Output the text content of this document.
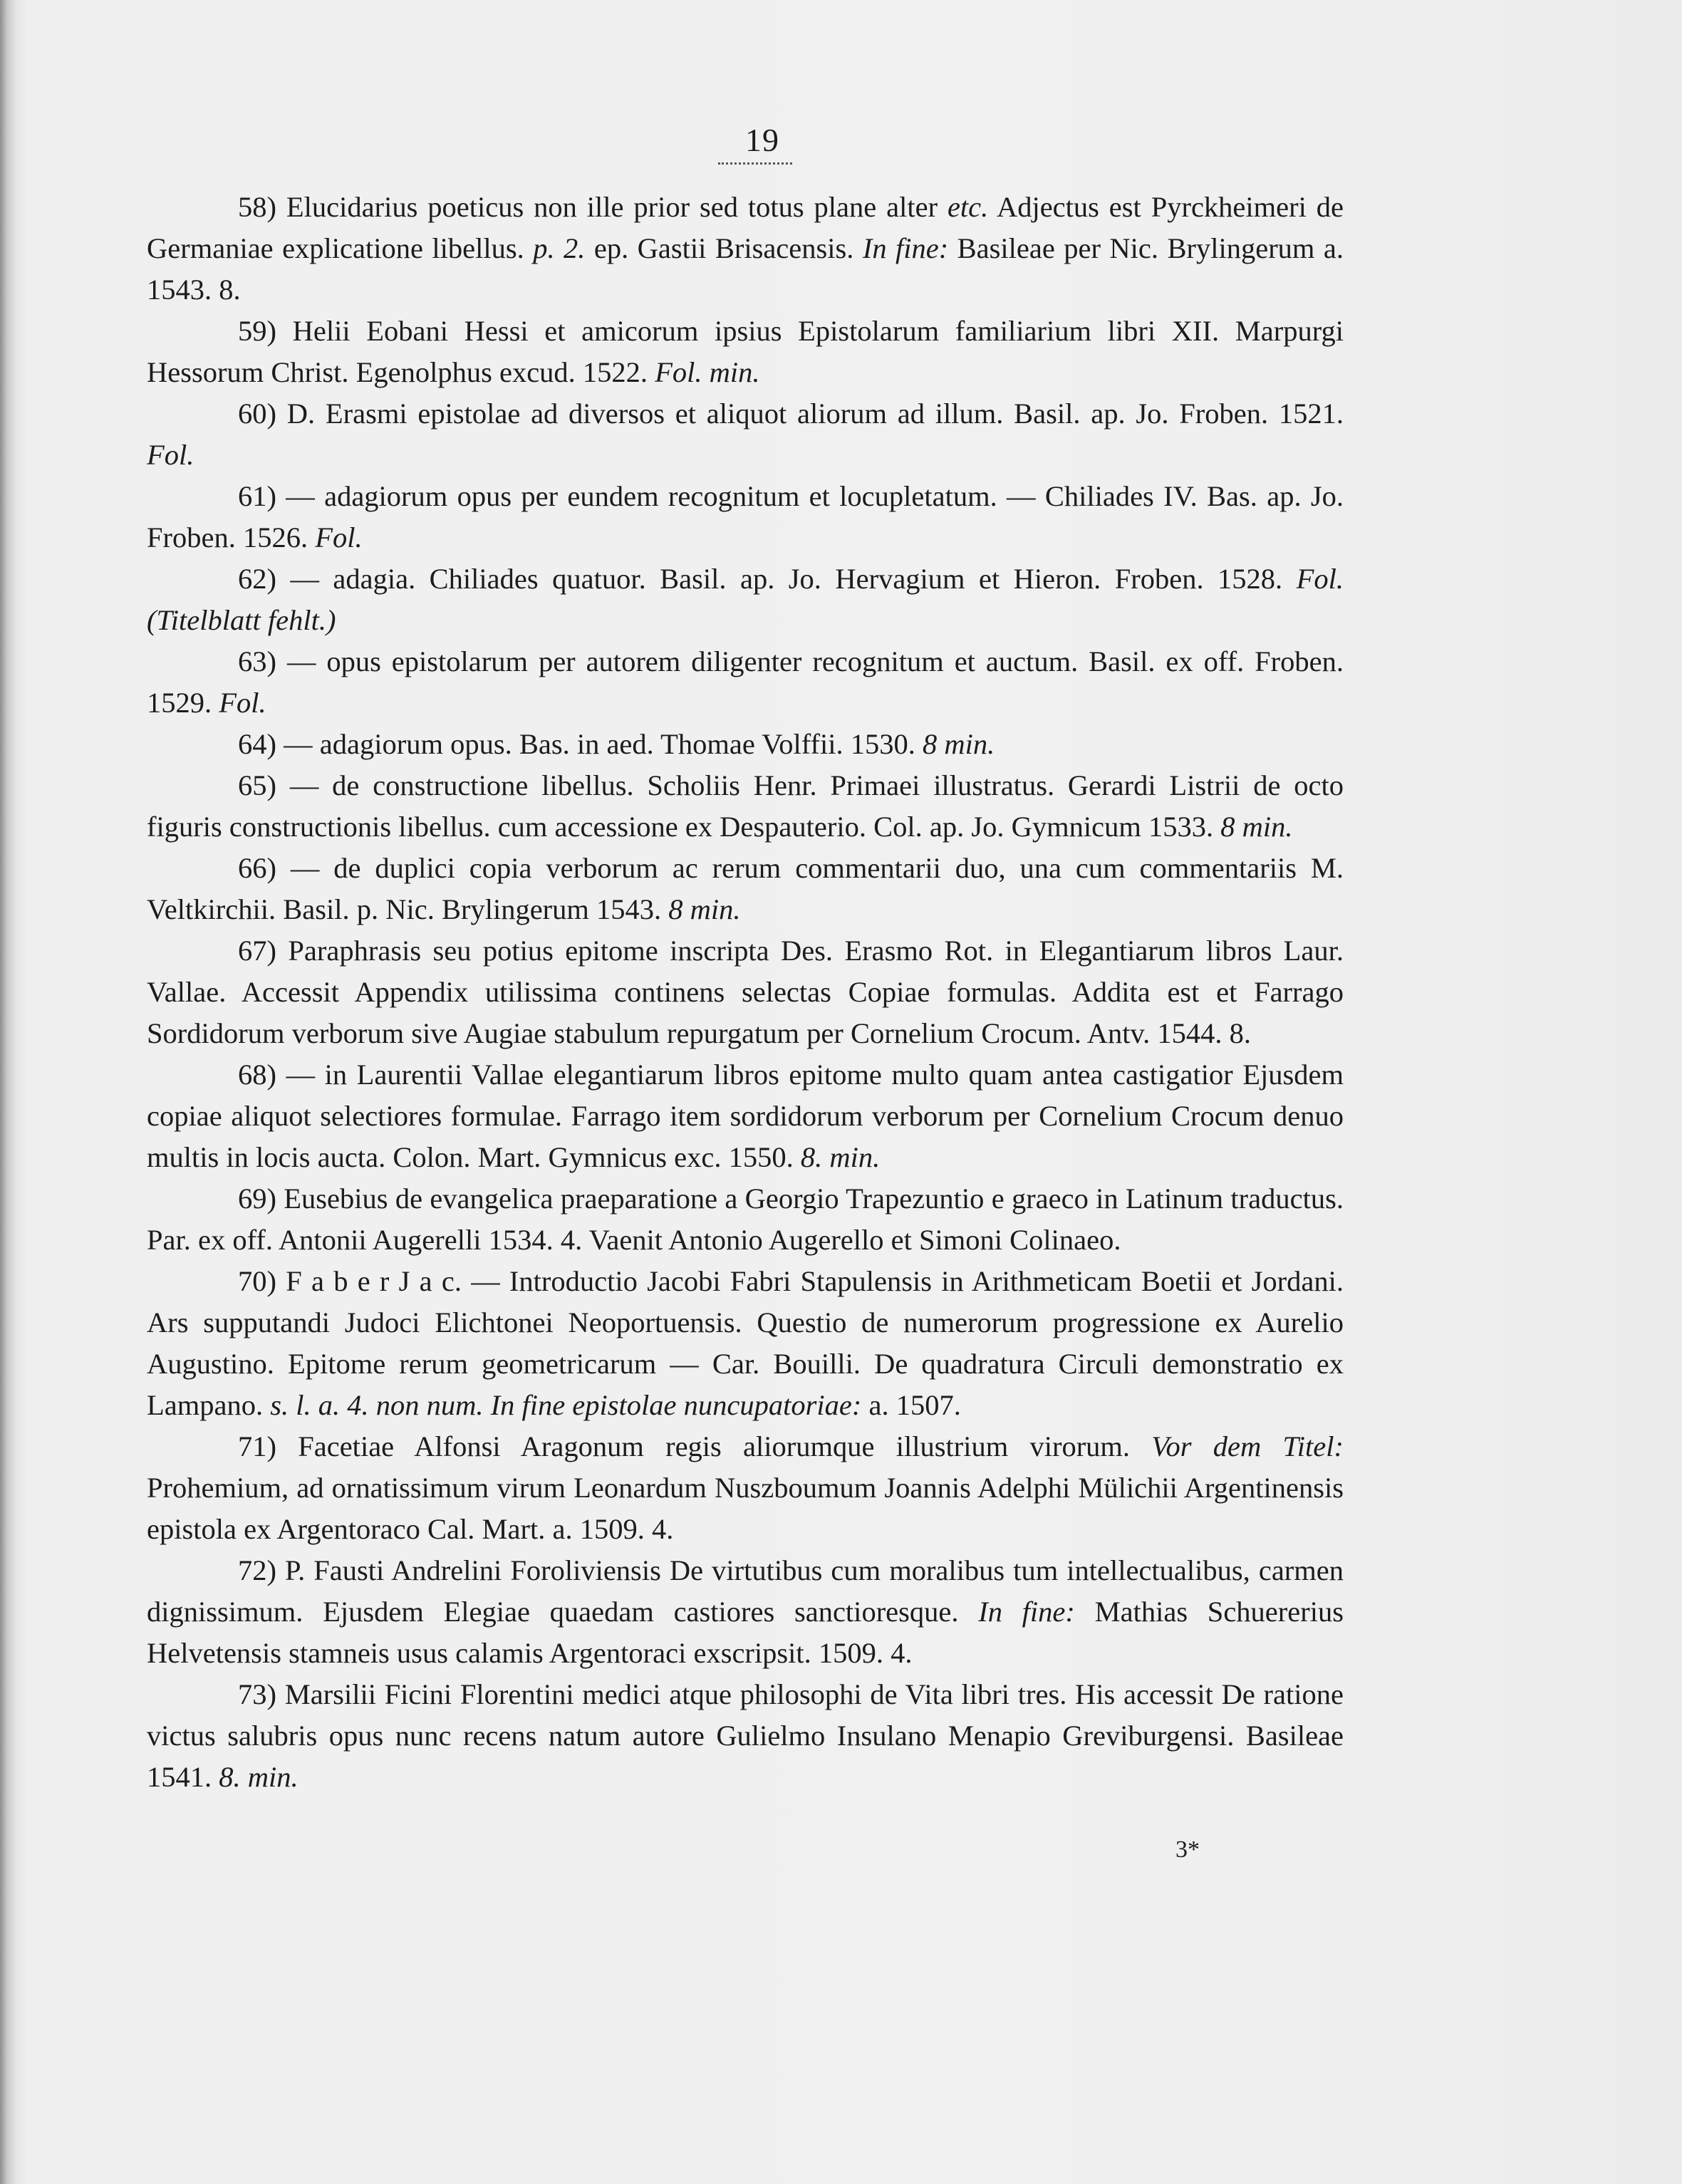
19

58) Elucidarius poeticus non ille prior sed totus plane alter etc. Adjectus est Pyrckheimeri de Germaniae explicatione libellus. p. 2. ep. Gastii Brisacensis. In fine: Basileae per Nic. Brylingerum a. 1543. 8.

59) Helii Eobani Hessi et amicorum ipsius Epistolarum familiarium libri XII. Marpurgi Hessorum Christ. Egenolphus excud. 1522. Fol. min.

60) D. Erasmi epistolae ad diversos et aliquot aliorum ad illum. Basil. ap. Jo. Froben. 1521. Fol.

61) — adagiorum opus per eundem recognitum et locupletatum. — Chiliades IV. Bas. ap. Jo. Froben. 1526. Fol.

62) — adagia. Chiliades quatuor. Basil. ap. Jo. Hervagium et Hieron. Froben. 1528. Fol. (Titelblatt fehlt.)

63) — opus epistolarum per autorem diligenter recognitum et auctum. Basil. ex off. Froben. 1529. Fol.

64) — adagiorum opus. Bas. in aed. Thomae Volffii. 1530. 8 min.

65) — de constructione libellus. Scholiis Henr. Primaei illustratus. Gerardi Listrii de octo figuris constructionis libellus. cum accessione ex Despauterio. Col. ap. Jo. Gymnicum 1533. 8 min.

66) — de duplici copia verborum ac rerum commentarii duo, una cum commentariis M. Veltkirchii. Basil. p. Nic. Brylingerum 1543. 8 min.

67) Paraphrasis seu potius epitome inscripta Des. Erasmo Rot. in Elegantiarum libros Laur. Vallae. Accessit Appendix utilissima continens selectas Copiae formulas. Addita est et Farrago Sordidorum verborum sive Augiae stabulum repurgatum per Cornelium Crocum. Antv. 1544. 8.

68) — in Laurentii Vallae elegantiarum libros epitome multo quam antea castigatior Ejusdem copiae aliquot selectiores formulae. Farrago item sordidorum verborum per Cornelium Crocum denuo multis in locis aucta. Colon. Mart. Gymnicus exc. 1550. 8. min.

69) Eusebius de evangelica praeparatione a Georgio Trapezuntio e graeco in Latinum traductus. Par. ex off. Antonii Augerelli 1534. 4. Vaenit Antonio Augerello et Simoni Colinaeo.

70) F a b e r J a c. — Introductio Jacobi Fabri Stapulensis in Arithmeticam Boetii et Jordani. Ars supputandi Judoci Elichtonei Neoportuensis. Questio de numerorum progressione ex Aurelio Augustino. Epitome rerum geometricarum — Car. Bouilli. De quadratura Circuli demonstratio ex Lampano. s. l. a. 4. non num. In fine epistolae nuncupatoriae: a. 1507.

71) Facetiae Alfonsi Aragonum regis aliorumque illustrium virorum. Vor dem Titel: Prohemium, ad ornatissimum virum Leonardum Nuszboumum Joannis Adelphi Mülichii Argentinensis epistola ex Argentoraco Cal. Mart. a. 1509. 4.

72) P. Fausti Andrelini Foroliviensis De virtutibus cum moralibus tum intellectualibus, carmen dignissimum. Ejusdem Elegiae quaedam castiores sanctioresque. In fine: Mathias Schuererius Helvetensis stamneis usus calamis Argentoraci exscripsit. 1509. 4.

73) Marsilii Ficini Florentini medici atque philosophi de Vita libri tres. His accessit De ratione victus salubris opus nunc recens natum autore Gulielmo Insulano Menapio Greviburgensi. Basileae 1541. 8. min.

3*
